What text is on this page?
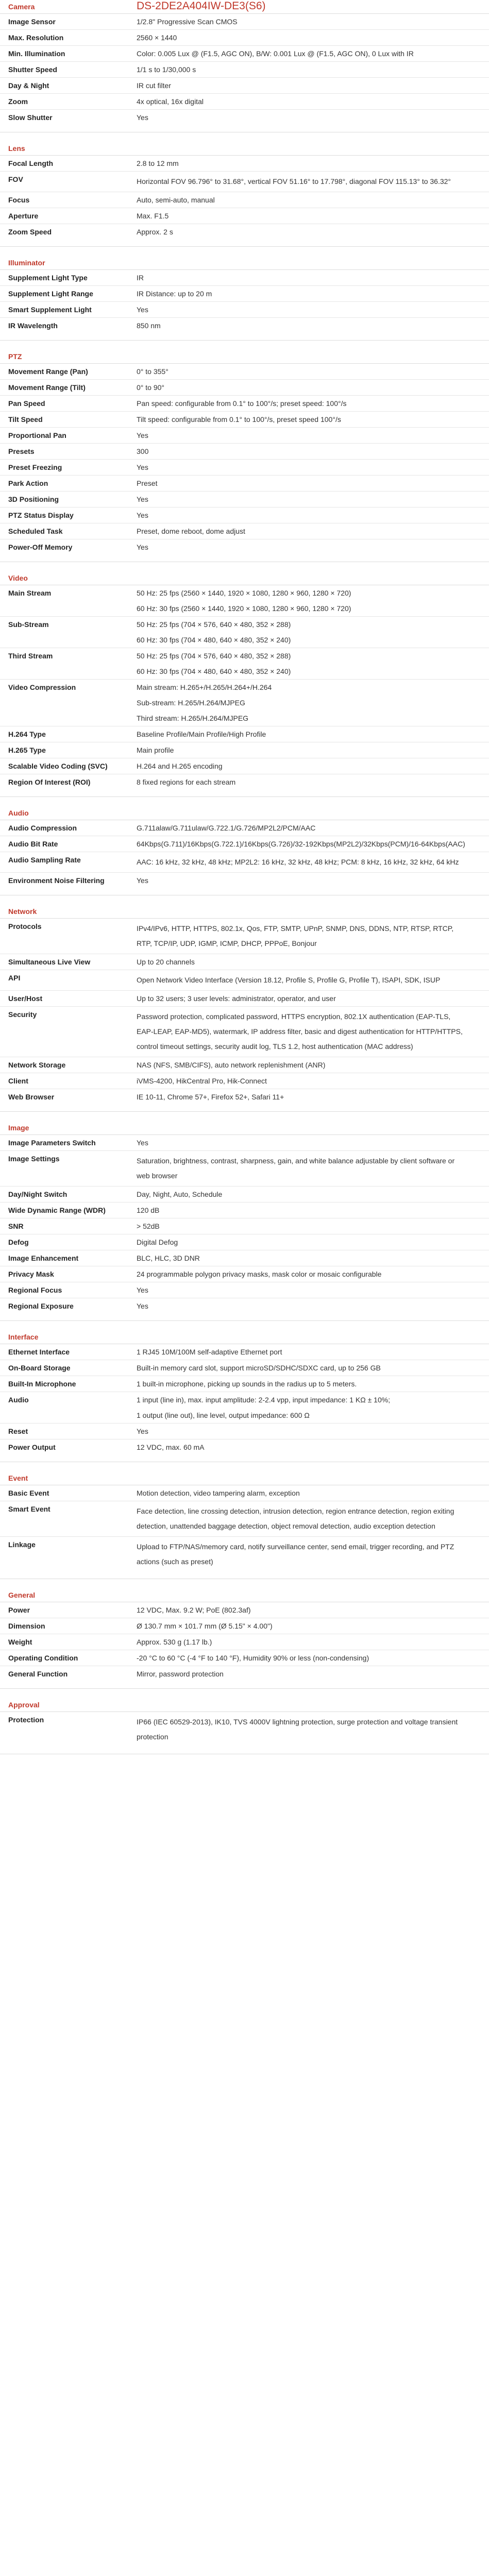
Camera	DS-2DE2A404IW-DE3(S6)
Image Sensor	1/2.8" Progressive Scan CMOS
Max. Resolution	2560 × 1440
Min. Illumination	Color: 0.005 Lux @ (F1.5, AGC ON), B/W: 0.001 Lux @ (F1.5, AGC ON), 0 Lux with IR
Shutter Speed	1/1 s to 1/30,000 s
Day & Night	IR cut filter
Zoom	4x optical, 16x digital
Slow Shutter	Yes
Lens
Focal Length	2.8 to 12 mm
FOV	Horizontal FOV 96.796° to 31.68°, vertical FOV 51.16° to 17.798°, diagonal FOV 115.13° to 36.32°
Focus	Auto, semi-auto, manual
Aperture	Max. F1.5
Zoom Speed	Approx. 2 s
Illuminator
Supplement Light Type	IR
Supplement Light Range	IR Distance: up to 20 m
Smart Supplement Light	Yes
IR Wavelength	850 nm
PTZ
Movement Range (Pan)	0° to 355°
Movement Range (Tilt)	0° to 90°
Pan Speed	Pan speed: configurable from 0.1° to 100°/s; preset speed: 100°/s
Tilt Speed	Tilt speed: configurable from 0.1° to 100°/s, preset speed 100°/s
Proportional Pan	Yes
Presets	300
Preset Freezing	Yes
Park Action	Preset
3D Positioning	Yes
PTZ Status Display	Yes
Scheduled Task	Preset, dome reboot, dome adjust
Power-Off Memory	Yes
Video
Main Stream	50 Hz: 25 fps (2560 × 1440, 1920 × 1080, 1280 × 960, 1280 × 720)
60 Hz: 30 fps (2560 × 1440, 1920 × 1080, 1280 × 960, 1280 × 720)
Sub-Stream	50 Hz: 25 fps (704 × 576, 640 × 480, 352 × 288)
60 Hz: 30 fps (704 × 480, 640 × 480, 352 × 240)
Third Stream	50 Hz: 25 fps (704 × 576, 640 × 480, 352 × 288)
60 Hz: 30 fps (704 × 480, 640 × 480, 352 × 240)
Video Compression	Main stream: H.265+/H.265/H.264+/H.264
Sub-stream: H.265/H.264/MJPEG
Third stream: H.265/H.264/MJPEG
H.264 Type	Baseline Profile/Main Profile/High Profile
H.265 Type	Main profile
Scalable Video Coding (SVC)	H.264 and H.265 encoding
Region Of Interest (ROI)	8 fixed regions for each stream
Audio
Audio Compression	G.711alaw/G.711ulaw/G.722.1/G.726/MP2L2/PCM/AAC
Audio Bit Rate	64Kbps(G.711)/16Kbps(G.722.1)/16Kbps(G.726)/32-192Kbps(MP2L2)/32Kbps(PCM)/16-64Kbps(AAC)
Audio Sampling Rate	AAC: 16 kHz, 32 kHz, 48 kHz; MP2L2: 16 kHz, 32 kHz, 48 kHz; PCM: 8 kHz, 16 kHz, 32 kHz, 64 kHz
Environment Noise Filtering	Yes
Network
Protocols	IPv4/IPv6, HTTP, HTTPS, 802.1x, Qos, FTP, SMTP, UPnP, SNMP, DNS, DDNS, NTP, RTSP, RTCP, RTP, TCP/IP, UDP, IGMP, ICMP, DHCP, PPPoE, Bonjour
Simultaneous Live View	Up to 20 channels
API	Open Network Video Interface (Version 18.12, Profile S, Profile G, Profile T), ISAPI, SDK, ISUP
User/Host	Up to 32 users; 3 user levels: administrator, operator, and user
Security	Password protection, complicated password, HTTPS encryption, 802.1X authentication (EAP-TLS, EAP-LEAP, EAP-MD5), watermark, IP address filter, basic and digest authentication for HTTP/HTTPS, control timeout settings, security audit log, TLS 1.2, host authentication (MAC address)
Network Storage	NAS (NFS, SMB/CIFS), auto network replenishment (ANR)
Client	iVMS-4200, HikCentral Pro, Hik-Connect
Web Browser	IE 10-11, Chrome 57+, Firefox 52+, Safari 11+
Image
Image Parameters Switch	Yes
Image Settings	Saturation, brightness, contrast, sharpness, gain, and white balance adjustable by client software or web browser
Day/Night Switch	Day, Night, Auto, Schedule
Wide Dynamic Range (WDR)	120 dB
SNR	> 52dB
Defog	Digital Defog
Image Enhancement	BLC, HLC, 3D DNR
Privacy Mask	24 programmable polygon privacy masks, mask color or mosaic configurable
Regional Focus	Yes
Regional Exposure	Yes
Interface
Ethernet Interface	1 RJ45 10M/100M self-adaptive Ethernet port
On-Board Storage	Built-in memory card slot, support microSD/SDHC/SDXC card, up to 256 GB
Built-In Microphone	1 built-in microphone, picking up sounds in the radius up to 5 meters.
Audio	1 input (line in), max. input amplitude: 2-2.4 vpp, input impedance: 1 KΩ ± 10%;
1 output (line out), line level, output impedance: 600 Ω
Reset	Yes
Power Output	12 VDC, max. 60 mA
Event
Basic Event	Motion detection, video tampering alarm, exception
Smart Event	Face detection, line crossing detection, intrusion detection, region entrance detection, region exiting detection, unattended baggage detection, object removal detection, audio exception detection
Linkage	Upload to FTP/NAS/memory card, notify surveillance center, send email, trigger recording, and PTZ actions (such as preset)
General
Power	12 VDC, Max. 9.2 W; PoE (802.3af)
Dimension	Ø 130.7 mm × 101.7 mm (Ø 5.15" × 4.00")
Weight	Approx. 530 g (1.17 lb.)
Operating Condition	-20 °C to 60 °C (-4 °F to 140 °F), Humidity 90% or less (non-condensing)
General Function	Mirror, password protection
Approval
Protection	IP66 (IEC 60529-2013), IK10, TVS 4000V lightning protection, surge protection and voltage transient protection
